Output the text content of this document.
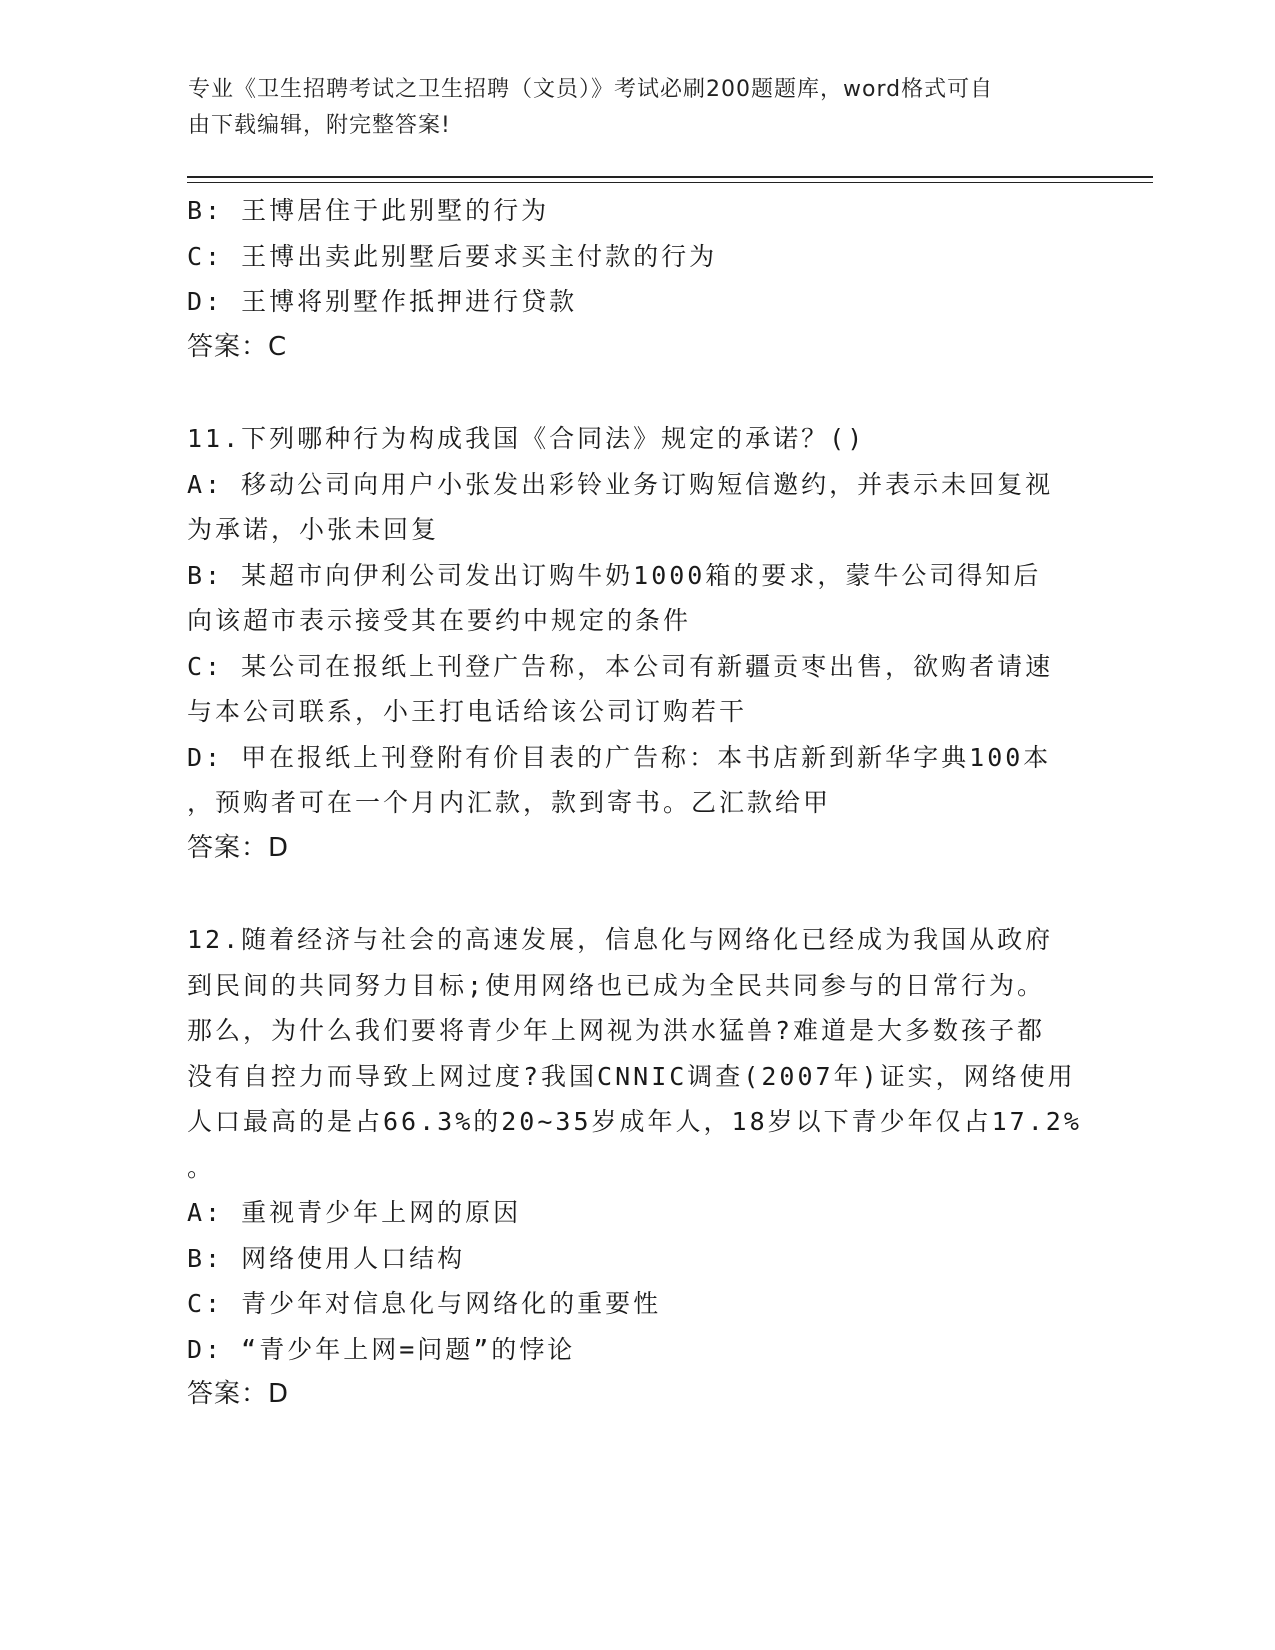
专业《卫生招聘考试之卫生招聘（文员）》考试必刷200题题库，word格式可自
由下载编辑，附完整答案!
B: 王博居住于此别墅的行为
C: 王博出卖此别墅后要求买主付款的行为
D: 王博将别墅作抵押进行贷款
答案：C
11.下列哪种行为构成我国《合同法》规定的承诺？()
A: 移动公司向用户小张发出彩铃业务订购短信邀约，并表示未回复视
为承诺，小张未回复
B: 某超市向伊利公司发出订购牛奶1000箱的要求，蒙牛公司得知后
向该超市表示接受其在要约中规定的条件
C: 某公司在报纸上刊登广告称，本公司有新疆贡枣出售，欲购者请速
与本公司联系，小王打电话给该公司订购若干
D: 甲在报纸上刊登附有价目表的广告称：本书店新到新华字典100本
，预购者可在一个月内汇款，款到寄书。乙汇款给甲
答案：D
12.随着经济与社会的高速发展，信息化与网络化已经成为我国从政府
到民间的共同努力目标;使用网络也已成为全民共同参与的日常行为。
那么，为什么我们要将青少年上网视为洪水猛兽?难道是大多数孩子都
没有自控力而导致上网过度?我国CNNIC调查(2007年)证实，网络使用
人口最高的是占66.3%的20~35岁成年人，18岁以下青少年仅占17.2%
。
A: 重视青少年上网的原因
B: 网络使用人口结构
C: 青少年对信息化与网络化的重要性
D: “青少年上网=问题”的悖论
答案：D
